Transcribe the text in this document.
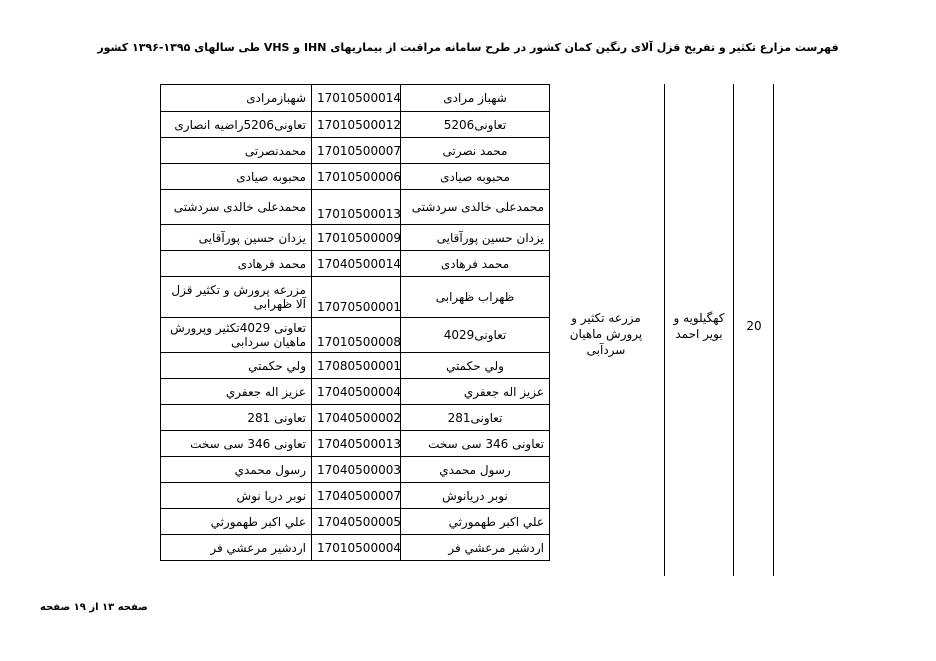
فهرست مزارع تکثیر و تفریخ قزل آلای رنگین کمان کشور در طرح سامانه مراقبت از بیماریهای IHN و VHS طی سالهای ۱۳۹۵-۱۳۹۶ کشور
مزرعه تکثیر و پرورش ماهیان سردآبی
کهگیلویه و بویر احمد
20
شهبازمرادی	17010500014	شهباز مرادی
تعاونی5206راضیه انصاری	17010500012	تعاونی5206
محمدنصرتی	17010500007	محمد نصرتی
محبوبه صیادی	17010500006	محبوبه صیادی
محمدعلی خالدی سردشتی	17010500013	محمدعلی خالدی سردشتی
یزدان حسین پورآقایی	17010500009	یزدان حسین پورآقایی
محمد فرهادی	17040500014	محمد فرهادی
مزرعه پرورش و تکثیر قزل آلا ظهرابی	17070500001	ظهراب ظهرابی
تعاونی 4029تکثیر وپرورش ماهیان سردابی	17010500008	تعاونی4029
ولي حكمتي	17080500001	ولي حكمتي
عزيز اله جعفري	17040500004	عزيز اله جعفري
تعاونی 281	17040500002	تعاونی281
تعاونی 346 سی سخت	17040500013	تعاونی 346 سی سخت
رسول محمدي	17040500003	رسول محمدي
نوبر دريا نوش	17040500007	نوبر دريانوش
علي اكبر طهمورثي	17040500005	علي اكبر طهمورثي
اردشير مرعشي فر	17010500004	اردشير مرعشي فر
صفحه ۱۳ از ۱۹ صفحه
